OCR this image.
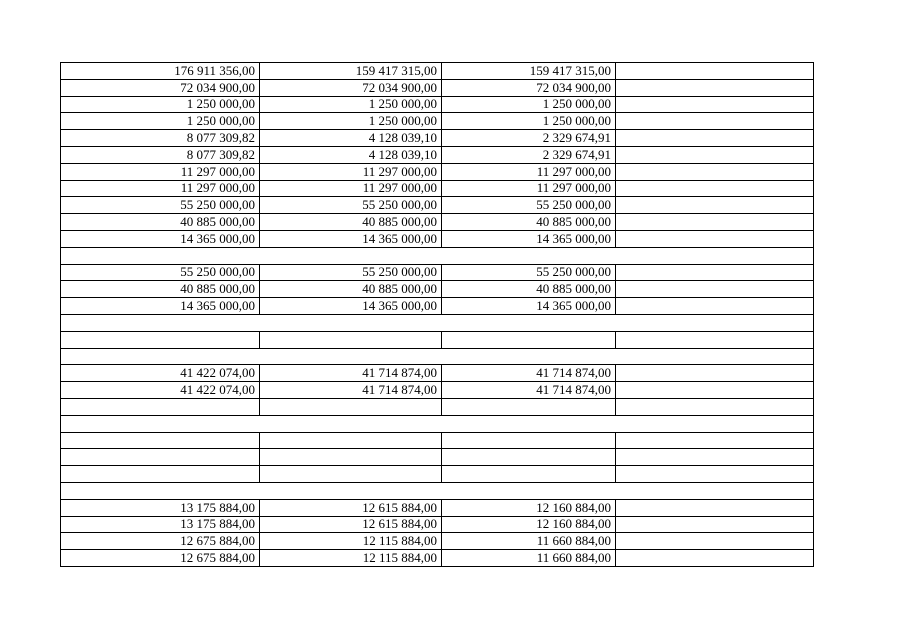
176 911 356,00	159 417 315,00	159 417 315,00	
72 034 900,00	72 034 900,00	72 034 900,00	
1 250 000,00	1 250 000,00	1 250 000,00	
1 250 000,00	1 250 000,00	1 250 000,00	
8 077 309,82	4 128 039,10	2 329 674,91	
8 077 309,82	4 128 039,10	2 329 674,91	
11 297 000,00	11 297 000,00	11 297 000,00	
11 297 000,00	11 297 000,00	11 297 000,00	
55 250 000,00	55 250 000,00	55 250 000,00	
40 885 000,00	40 885 000,00	40 885 000,00	
14 365 000,00	14 365 000,00	14 365 000,00	

55 250 000,00	55 250 000,00	55 250 000,00	
40 885 000,00	40 885 000,00	40 885 000,00	
14 365 000,00	14 365 000,00	14 365 000,00	

41 422 074,00	41 714 874,00	41 714 874,00	
41 422 074,00	41 714 874,00	41 714 874,00	

13 175 884,00	12 615 884,00	12 160 884,00	
13 175 884,00	12 615 884,00	12 160 884,00	
12 675 884,00	12 115 884,00	11 660 884,00	
12 675 884,00	12 115 884,00	11 660 884,00	
